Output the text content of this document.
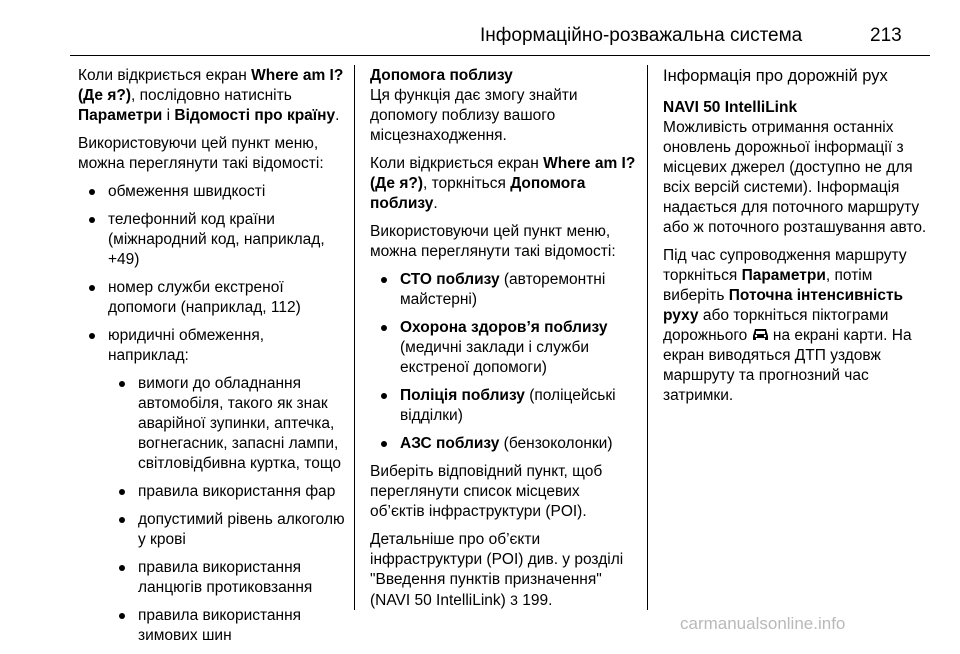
Інформаційно-розважальна система	213

Коли відкриється екран Where am I? (Де я?), послідовно натисніть Параметри і Відомості про країну.

Використовуючи цей пункт меню, можна переглянути такі відомості:

обмеження швидкості
телефонний код країни (міжнародний код, наприклад, +49)
номер служби екстреної допомоги (наприклад, 112)
юридичні обмеження, наприклад:
вимоги до обладнання автомобіля, такого як знак аварійної зупинки, аптечка, вогнегасник, запасні лампи, світловідбивна куртка, тощо
правила використання фар
допустимий рівень алкоголю у крові
правила використання ланцюгів протиковзання
правила використання зимових шин
Допомога поблизу

Ця функція дає змогу знайти допомогу поблизу вашого місцезнаходження.

Коли відкриється екран Where am I? (Де я?), торкніться Допомога поблизу.

Використовуючи цей пункт меню, можна переглянути такі відомості:

СТО поблизу (авторемонтні майстерні)
Охорона здоров’я поблизу (медичні заклади і служби екстреної допомоги)
Поліція поблизу (поліцейські відділки)
АЗС поблизу (бензоколонки)

Виберіть відповідний пункт, щоб переглянути список місцевих об’єктів інфраструктури (POI).

Детальніше про об’єкти інфраструктури (POI) див. у розділі "Введення пунктів призначення" (NAVI 50 IntelliLink) 3 199.

Інформація про дорожній рух
NAVI 50 IntelliLink

Можливість отримання останніх оновлень дорожньої інформації з місцевих джерел (доступно не для всіх версій системи). Інформація надається для поточного маршруту або ж поточного розташування авто.

Під час супроводження маршруту торкніться Параметри, потім виберіть Поточна інтенсивність руху або торкніться піктограми дорожнього  на екрані карти. На екран виводяться ДТП уздовж маршруту та прогнозний час затримки.

carmanualsonline.info
